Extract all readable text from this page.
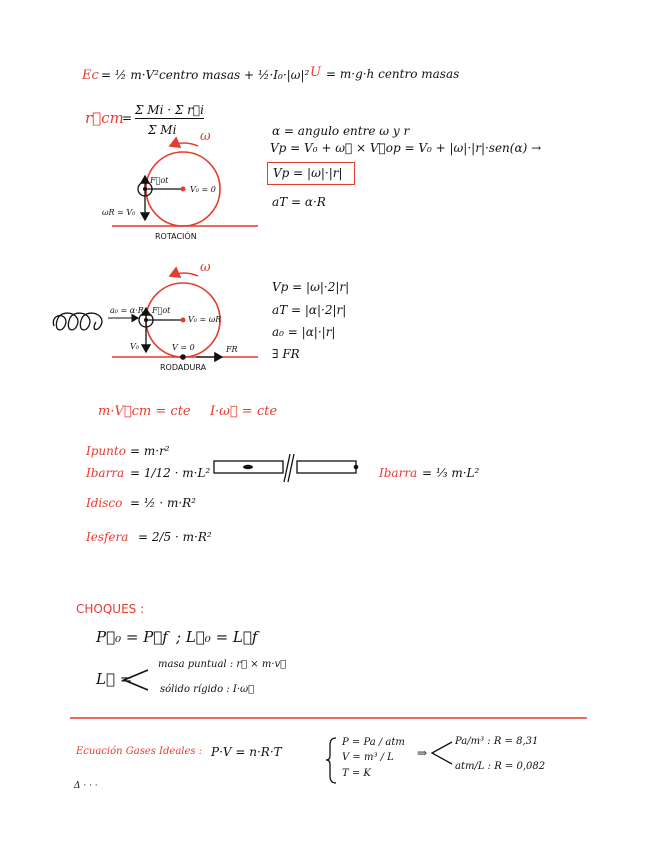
Ec = ½ m·V²centro masas + ½·I₀·|ω|² U = m·g·h centro masas
r⃗cm
=
Σ Mi · Σ r⃗i
Σ Mi ω
F⃗ot
V₀ = 0
ωR = V₀
ROTACIÓN
α = angulo entre ω y r
Vp = V₀ + ω⃗ × V⃗op = V₀ + |ω|·|r|·sen(α) →
Vp = |ω|·|r|
aT = α·R
ω
a₀ = α·R F⃗ot
V₀ = ωR
V₀	V = 0	FR
RODADURA
Vp = |ω|·2|r|
aT = |α|·2|r|
a₀ = |α|·|r|
∃ FR
m·V⃗cm = cte I·ω⃗ = cte
Ipunto = m·r²
Ibarra = 1/12 · m·L²
Idisco = ½ · m·R²
Iesfera = 2/5 · m·R²
Ibarra = ⅓ m·L²
CHOQUES :
P⃗₀ = P⃗f ; L⃗₀ = L⃗f
L⃗ =
masa puntual : r⃗ × m·v⃗
sólido rígido : I·ω⃗
Ecuación Gases Ideales : P·V = n·R·T
P = Pa / atm
V = m³ / L
T = K
⇒
Pa/m³ : R = 8,31
atm/L : R = 0,082
Δ · · ·
